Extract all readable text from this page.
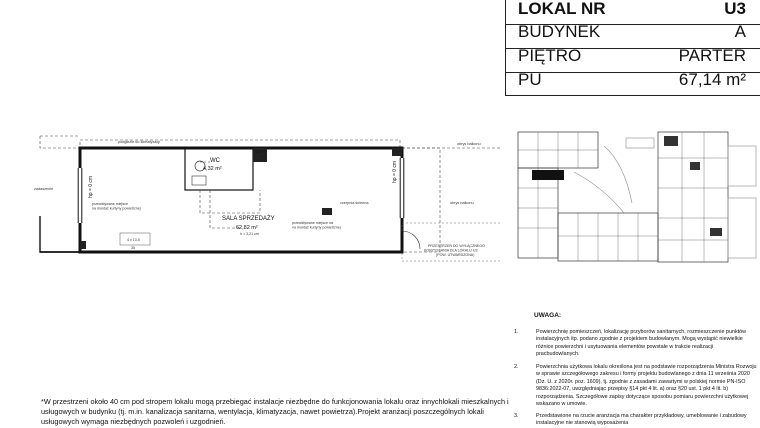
LOKAL NR	U3
BUDYNEK	A
PIĘTRO	PARTER
PU	67,14 m²
podgiezie do klimatyzacji
WC
4,32 m²
M+TT
SALA SPRZEDAŻY
62,82 m²
h = 3,21 cm
przewidywane miejsce na montaż kurtyny powietrznej
przewidywane miejsce na na montaż kurtyny powietrznej
czerpnia ścienna	obrys balkonu
obrys balkonu
zadaszenie
4 x 13,5
35
hp = 0 cm
hp = 0 cm
PRZESTRZEŃ DO WYŁĄCZNEGO KORZYSTANIA DLA LOKALU U3 (POW. UTWARDZONA)
UWAGA:
1.	Powierzchnię pomieszczeń, lokalizację przyborów sanitarnych, rozmieszczenie punktów instalacyjnych itp. podano zgodnie z projektem budowlanym. Mogą wystąpić niewielkie różnice powierzchni i usytuowania elementów powstałe w trakcie realizacji pracbudowlanych.
2.	Powierzchnia użytkowa lokalu określona jest na podstawie rozporządzenia Ministra Rozwoju w sprawie szczegółowego zakresu i formy projektu budowlanego z dnia 11 września 2020 (Dz. U. z 2020r. poz. 1609), tj. zgodnie z zasadami zawartymi w polskiej normie PN-ISO 9836:2022-07, uwzględniając przepisy §14 pkt 4 lit. a) oraz §20 ust. 1 pkt 4 lit. b) rozporządzenia. Szczegółowe zapisy dotyczące sposobu pomiaru powierzchni użytkowej wskazano w umowie.
3.	Przedstawione na rzucie aranżacja ma charakter przykładowy, umeblowanie i zabudowy instalacyjne nie stanowią wyposażenia
*W przestrzeni około 40 cm pod stropem lokalu mogą przebiegać instalacje niezbędne do funkcjonowania lokalu oraz innychlokali mieszkalnych i usługowych w budynku (tj. m.in. kanalizacja sanitarna, wentylacja, klimatyzacja, nawet powietrza).Projekt aranżacji poszczególnych lokali usługowych wymaga niezbędnych pozwoleń i uzgodnień.
